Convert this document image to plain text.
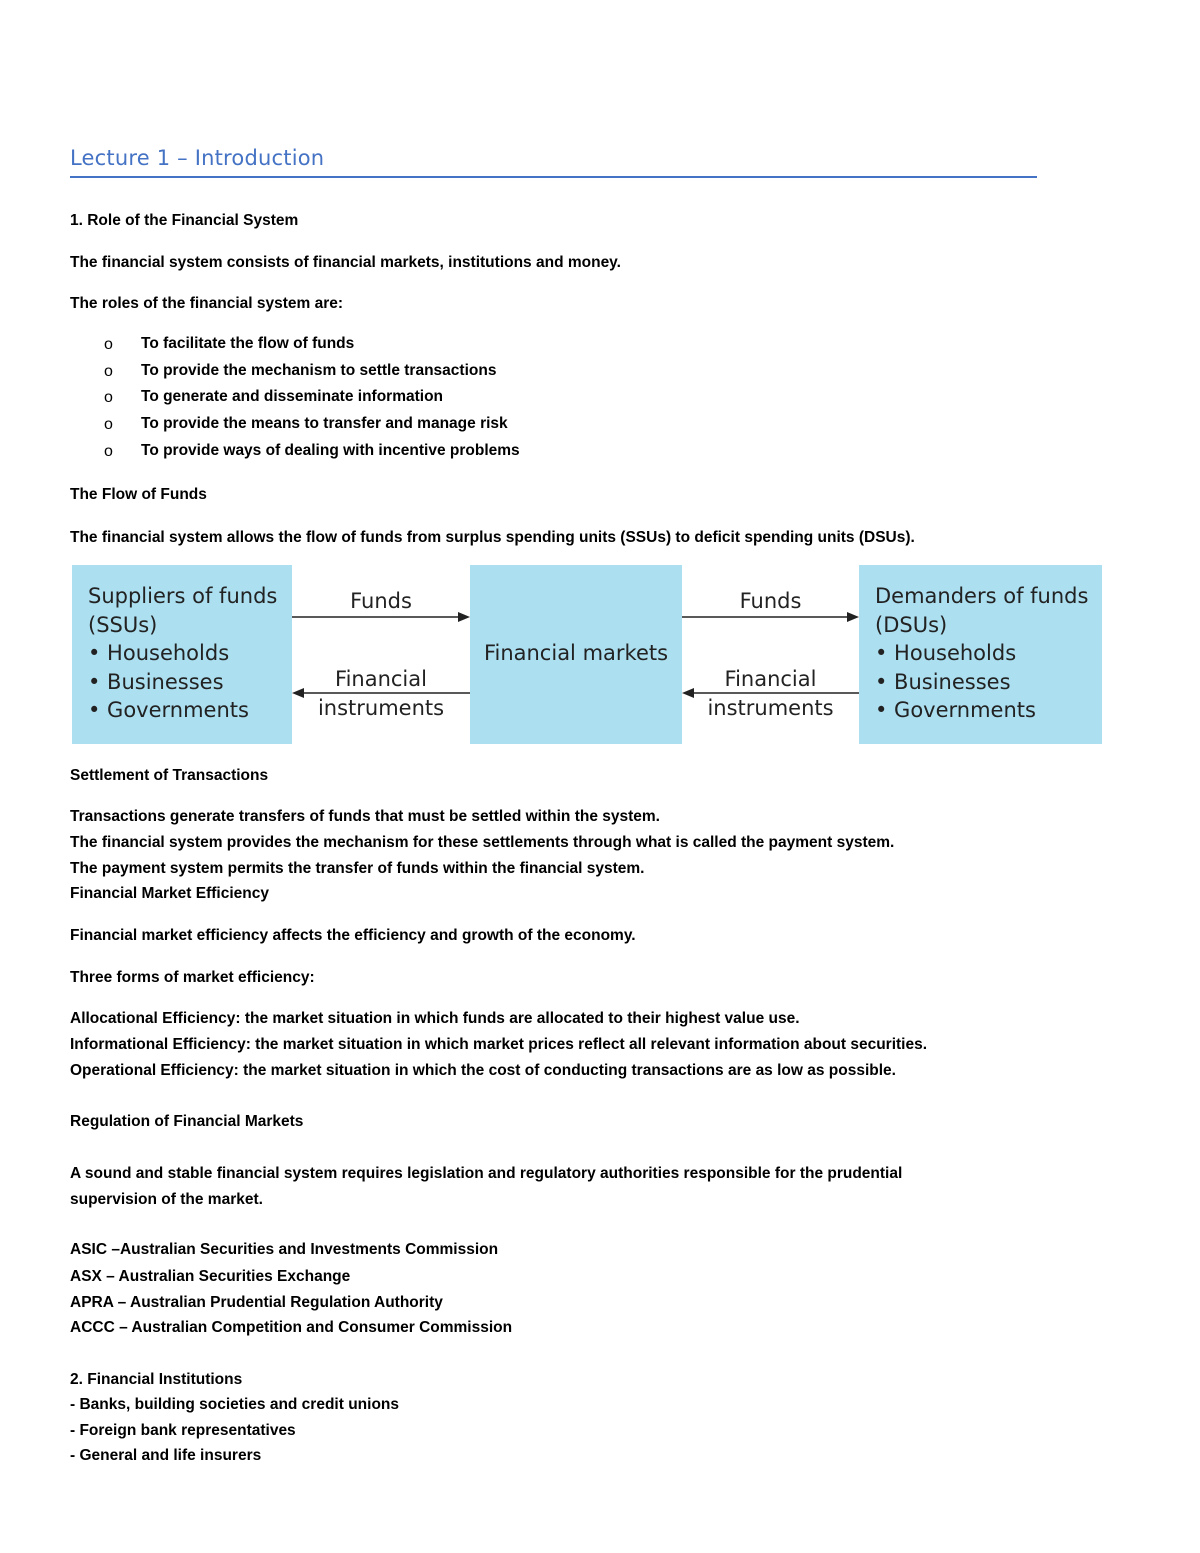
Lecture 1 – Introduction
1. Role of the Financial System
The financial system consists of financial markets, institutions and money.
The roles of the financial system are:
o To facilitate the flow of funds
o To provide the mechanism to settle transactions
o To generate and disseminate information
o To provide the means to transfer and manage risk
o To provide ways of dealing with incentive problems
The Flow of Funds
The financial system allows the flow of funds from surplus spending units (SSUs) to deficit spending units (DSUs).
Suppliers of funds
(SSUs)
• Households
• Businesses
• Governments
Financial markets
Demanders of funds
(DSUs)
• Households
• Businesses
• Governments
Funds	Funds
Financial
instruments
Financial
instruments
Settlement of Transactions
Transactions generate transfers of funds that must be settled within the system.
The financial system provides the mechanism for these settlements through what is called the payment system.
The payment system permits the transfer of funds within the financial system.
Financial Market Efficiency
Financial market efficiency affects the efficiency and growth of the economy.
Three forms of market efficiency:
Allocational Efficiency: the market situation in which funds are allocated to their highest value use.
Informational Efficiency: the market situation in which market prices reflect all relevant information about securities.
Operational Efficiency: the market situation in which the cost of conducting transactions are as low as possible.
Regulation of Financial Markets
A sound and stable financial system requires legislation and regulatory authorities responsible for the prudential
supervision of the market.
ASIC –Australian Securities and Investments Commission
ASX – Australian Securities Exchange
APRA – Australian Prudential Regulation Authority
ACCC – Australian Competition and Consumer Commission
2. Financial Institutions
- Banks, building societies and credit unions
- Foreign bank representatives
- General and life insurers
